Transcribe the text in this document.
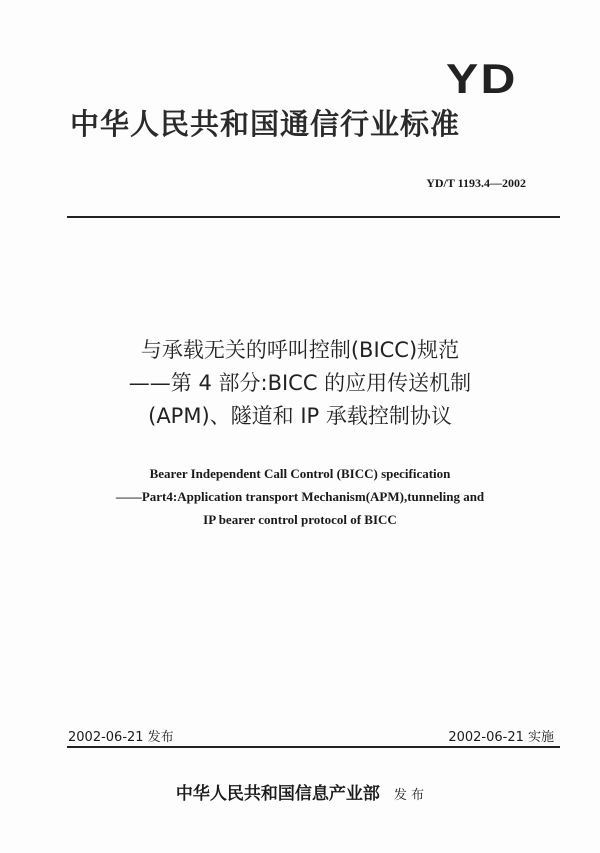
YD
中华人民共和国通信行业标准
YD/T 1193.4—2002
与承载无关的呼叫控制(BICC)规范
——第 4 部分:BICC 的应用传送机制
(APM)、隧道和 IP 承载控制协议
Bearer Independent Call Control (BICC) specification
——Part4:Application transport Mechanism(APM),tunneling and
IP bearer control protocol of BICC
2002-06-21 发布	2002-06-21 实施
中华人民共和国信息产业部 发 布
